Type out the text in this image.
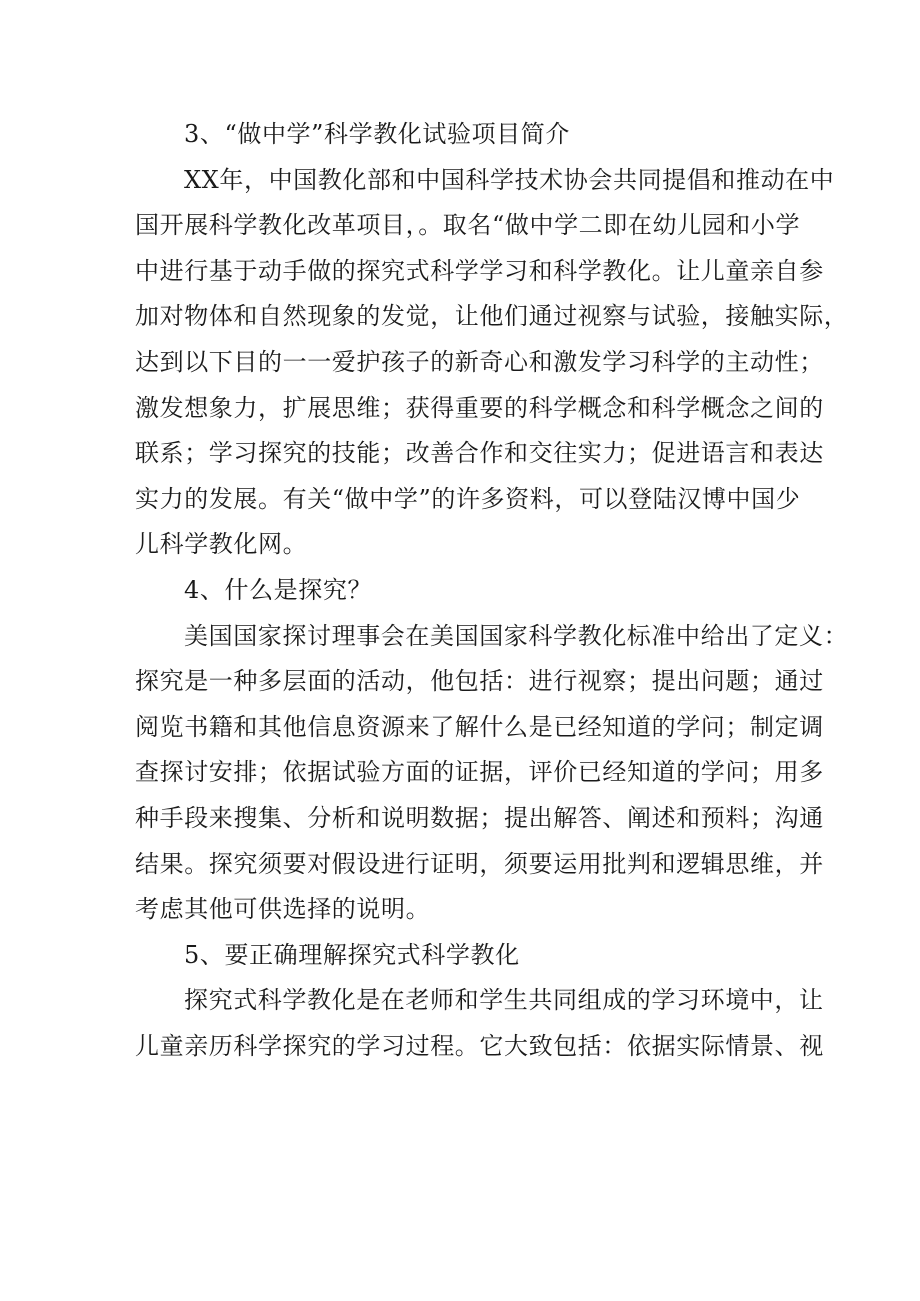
3、“做中学”科学教化试验项目简介
XX年，中国教化部和中国科学技术协会共同提倡和推动在中
国开展科学教化改革项目，。取名“做中学二即在幼儿园和小学
中进行基于动手做的探究式科学学习和科学教化。让儿童亲自参
加对物体和自然现象的发觉，让他们通过视察与试验，接触实际，
达到以下目的一一爱护孩子的新奇心和激发学习科学的主动性；
激发想象力，扩展思维；获得重要的科学概念和科学概念之间的
联系；学习探究的技能；改善合作和交往实力；促进语言和表达
实力的发展。有关“做中学”的许多资料，可以登陆汉博中国少
儿科学教化网。
4、什么是探究？
美国国家探讨理事会在美国国家科学教化标准中给出了定义：
探究是一种多层面的活动，他包括：进行视察；提出问题；通过
阅览书籍和其他信息资源来了解什么是已经知道的学问；制定调
查探讨安排；依据试验方面的证据，评价已经知道的学问；用多
种手段来搜集、分析和说明数据；提出解答、阐述和预料；沟通
结果。探究须要对假设进行证明，须要运用批判和逻辑思维，并
考虑其他可供选择的说明。
5、要正确理解探究式科学教化
探究式科学教化是在老师和学生共同组成的学习环境中，让
儿童亲历科学探究的学习过程。它大致包括：依据实际情景、视
